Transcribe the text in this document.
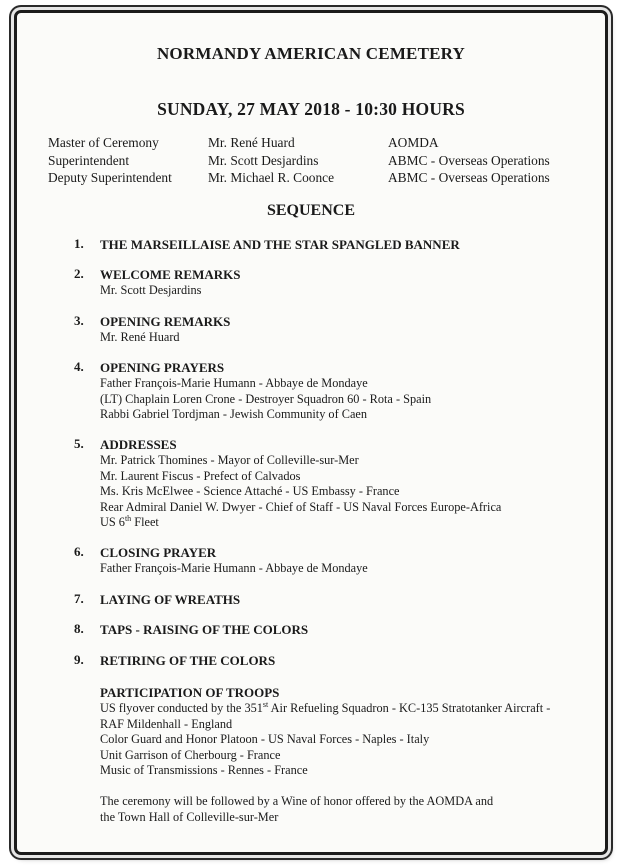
NORMANDY AMERICAN CEMETERY
SUNDAY, 27 MAY 2018 - 10:30 HOURS
Master of Ceremony	Mr. René Huard	AOMDA
Superintendent	Mr. Scott Desjardins	ABMC - Overseas Operations
Deputy Superintendent	Mr. Michael R. Coonce	ABMC - Overseas Operations
SEQUENCE
1.	THE MARSEILLAISE AND THE STAR SPANGLED BANNER
2.	WELCOME REMARKS
Mr. Scott Desjardins
3.	OPENING REMARKS
Mr. René Huard
4.	OPENING PRAYERS
Father François-Marie Humann - Abbaye de Mondaye
(LT) Chaplain Loren Crone - Destroyer Squadron 60 - Rota - Spain
Rabbi Gabriel Tordjman - Jewish Community of Caen
5.	ADDRESSES
Mr. Patrick Thomines - Mayor of Colleville-sur-Mer
Mr. Laurent Fiscus - Prefect of Calvados
Ms. Kris McElwee - Science Attaché - US Embassy - France
Rear Admiral Daniel W. Dwyer - Chief of Staff - US Naval Forces Europe-Africa
US 6th Fleet
6.	CLOSING PRAYER
Father François-Marie Humann - Abbaye de Mondaye
7.	LAYING OF WREATHS
8.	TAPS - RAISING OF THE COLORS
9.	RETIRING OF THE COLORS
PARTICIPATION OF TROOPS
US flyover conducted by the 351st Air Refueling Squadron - KC-135 Stratotanker Aircraft -
RAF Mildenhall - England
Color Guard and Honor Platoon - US Naval Forces - Naples - Italy
Unit Garrison of Cherbourg - France
Music of Transmissions - Rennes - France
The ceremony will be followed by a Wine of honor offered by the AOMDA and
the Town Hall of Colleville-sur-Mer
